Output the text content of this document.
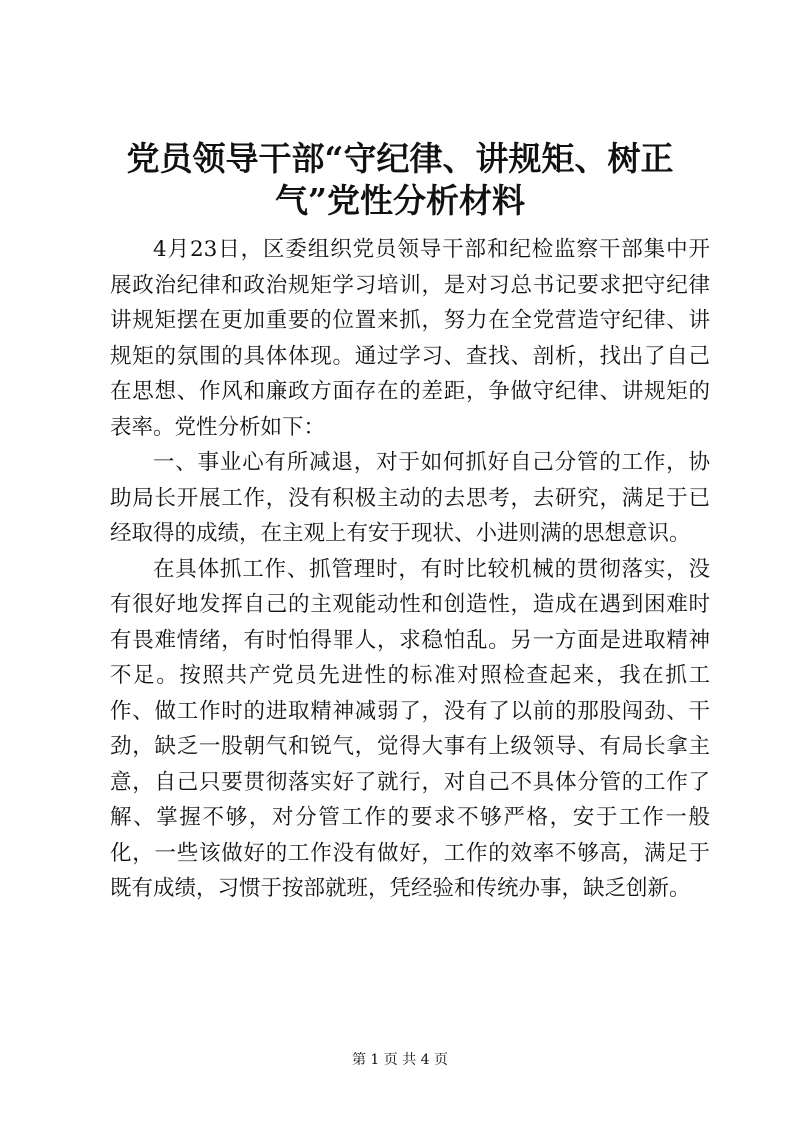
党员领导干部“守纪律、讲规矩、树正气”党性分析材料

4月23日，区委组织党员领导干部和纪检监察干部集中开展政治纪律和政治规矩学习培训，是对习总书记要求把守纪律讲规矩摆在更加重要的位置来抓，努力在全党营造守纪律、讲规矩的氛围的具体体现。通过学习、查找、剖析，找出了自己在思想、作风和廉政方面存在的差距，争做守纪律、讲规矩的表率。党性分析如下：

一、事业心有所减退，对于如何抓好自己分管的工作，协助局长开展工作，没有积极主动的去思考，去研究，满足于已经取得的成绩，在主观上有安于现状、小进则满的思想意识。

在具体抓工作、抓管理时，有时比较机械的贯彻落实，没有很好地发挥自己的主观能动性和创造性，造成在遇到困难时有畏难情绪，有时怕得罪人，求稳怕乱。另一方面是进取精神不足。按照共产党员先进性的标准对照检查起来，我在抓工作、做工作时的进取精神减弱了，没有了以前的那股闯劲、干劲，缺乏一股朝气和锐气，觉得大事有上级领导、有局长拿主意，自己只要贯彻落实好了就行，对自己不具体分管的工作了解、掌握不够，对分管工作的要求不够严格，安于工作一般化，一些该做好的工作没有做好，工作的效率不够高，满足于既有成绩，习惯于按部就班，凭经验和传统办事，缺乏创新。

第 1 页 共 4 页
